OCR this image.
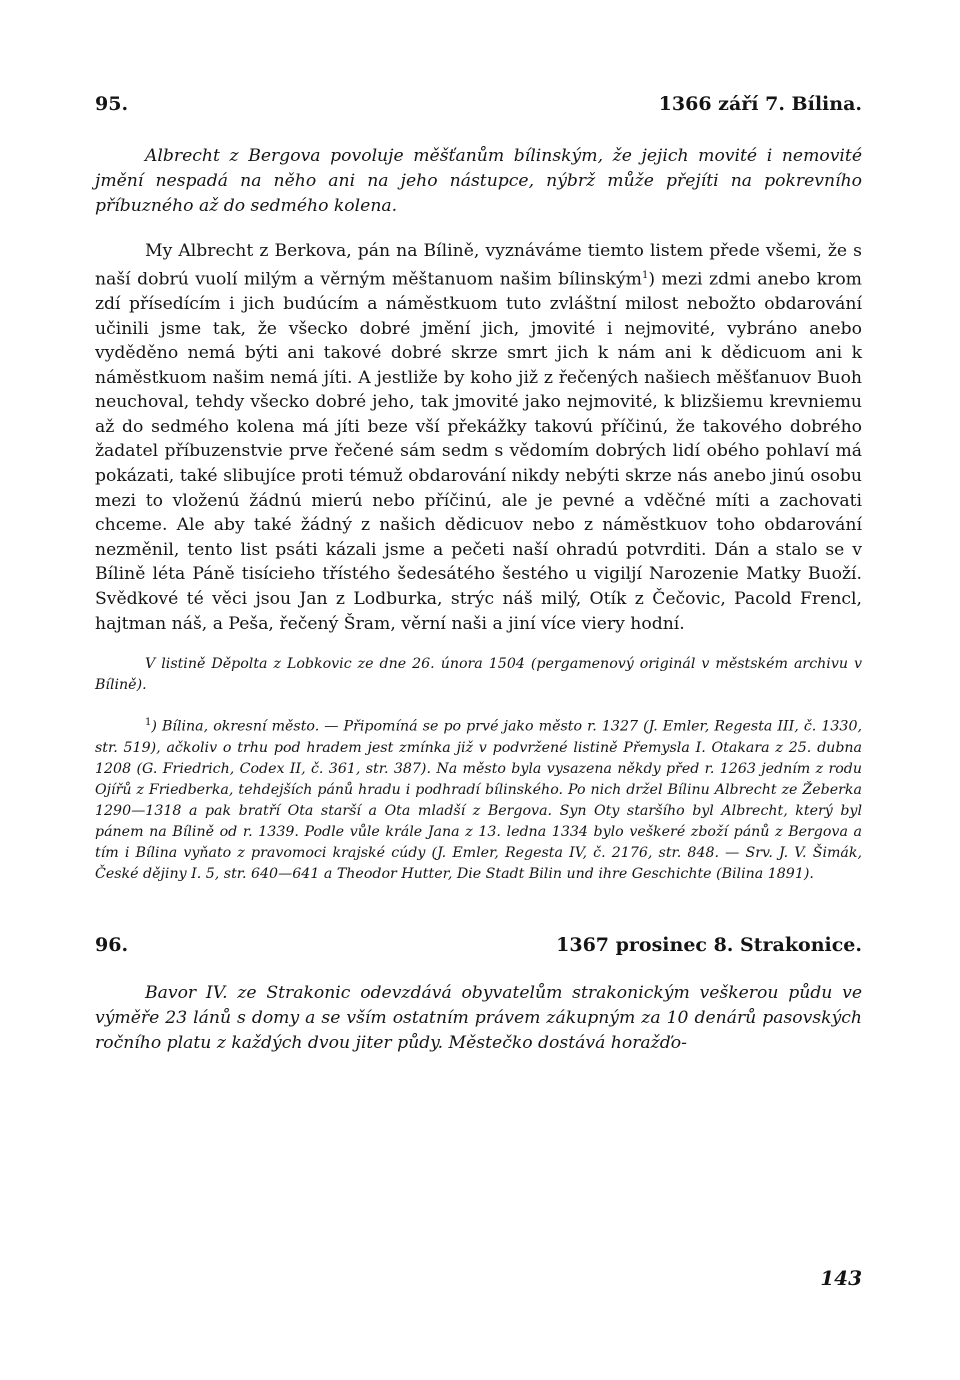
95.	1366 září 7. Bílina.

Albrecht z Bergova povoluje měšťanům bílinským, že jejich movité i nemovité jmění nespadá na něho ani na jeho nástupce, nýbrž může přejíti na pokrevního příbuzného až do sedmého kolena.

My Albrecht z Berkova, pán na Bílině, vyznáváme tiemto listem přede všemi, že s naší dobrú vuolí milým a věrným měštanuom našim bílinským$^1$) mezi zdmi anebo krom zdí přísedícím i jich budúcím a náměstkuom tuto zvláštní milost nebožto obdarování učinili jsme tak, že všecko dobré jmění jich, jmovité i nejmovité, vybráno anebo vyděděno nemá býti ani takové dobré skrze smrt jich k nám ani k dědicuom ani k náměstkuom našim nemá jíti. A jestliže by koho již z řečených našiech měšťanuov Buoh neuchoval, tehdy všecko dobré jeho, tak jmovité jako nejmovité, k blizšiemu krevniemu až do sedmého kolena má jíti beze vší překážky takovú příčinú, že takového dobrého žadatel příbuzenstvie prve řečené sám sedm s vědomím dobrých lidí obého pohlaví má pokázati, také slibujíce proti témuž obdarování nikdy nebýti skrze nás anebo jinú osobu mezi to vloženú žádnú mierú nebo příčinú, ale je pevné a vděčné míti a zachovati chceme. Ale aby také žádný z našich dědicuov nebo z náměstkuov toho obdarování nezměnil, tento list psáti kázali jsme a pečeti naší ohradú potvrditi. Dán a stalo se v Bílině léta Páně tisícieho třístého šedesátého šestého u vigiljí Narozenie Matky Buoží. Svědkové té věci jsou Jan z Lodburka, strýc náš milý, Otík z Čečovic, Pacold Frencl, hajtman náš, a Peša, řečený Šram, věrní naši a jiní více viery hodní.

V listině Děpolta z Lobkovic ze dne 26. února 1504 (pergamenový originál v městském archivu v Bílině).

$^1$) Bílina, okresní město. — Připomíná se po prvé jako město r. 1327 (J. Emler, Regesta III, č. 1330, str. 519), ačkoliv o trhu pod hradem jest zmínka již v podvržené listině Přemysla I. Otakara z 25. dubna 1208 (G. Friedrich, Codex II, č. 361, str. 387). Na město byla vysazena někdy před r. 1263 jedním z rodu Ojířů z Friedberka, tehdejších pánů hradu i podhradí bílinského. Po nich držel Bílinu Albrecht ze Žeberka 1290—1318 a pak bratří Ota starší a Ota mladší z Bergova. Syn Oty staršího byl Albrecht, který byl pánem na Bílině od r. 1339. Podle vůle krále Jana z 13. ledna 1334 bylo veškeré zboží pánů z Bergova a tím i Bílina vyňato z pravomoci krajské cúdy (J. Emler, Regesta IV, č. 2176, str. 848. — Srv. J. V. Šimák, České dějiny I. 5, str. 640—641 a Theodor Hutter, Die Stadt Bilin und ihre Geschichte (Bilina 1891).

96.	1367 prosinec 8. Strakonice.

Bavor IV. ze Strakonic odevzdává obyvatelům strakonickým veškerou půdu ve výměře 23 lánů s domy a se vším ostatním právem zákupným za 10 denárů pasovských ročního platu z každých dvou jiter půdy. Městečko dostává horažďo-

143
